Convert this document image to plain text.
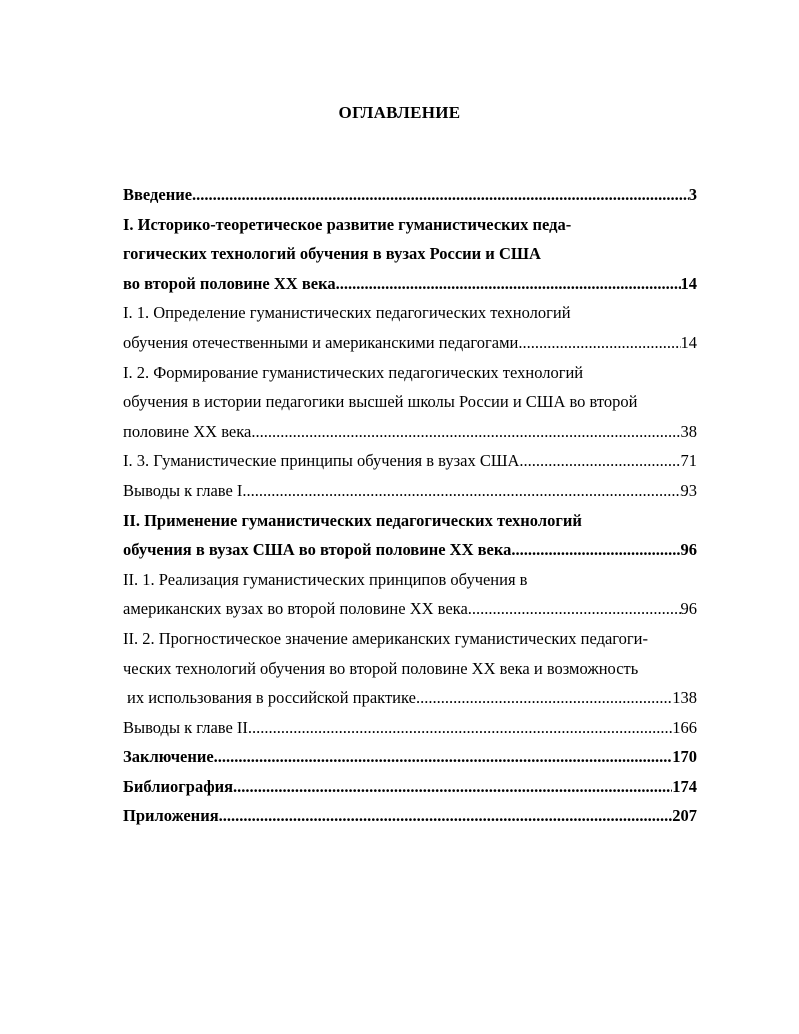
ОГЛАВЛЕНИЕ
Введение .....	3
I. Историко-теоретическое развитие гуманистических педа-
гогических технологий обучения в вузах России и США
во второй половине XX века .....	14
I. 1. Определение гуманистических педагогических технологий
обучения отечественными и американскими педагогами .....	14
I. 2. Формирование гуманистических педагогических технологий
обучения в истории педагогики высшей школы России и США во второй
половине XX века .....	38
I. 3. Гуманистические принципы обучения в вузах США .....	71
Выводы к главе I .....	93
II. Применение гуманистических педагогических технологий
обучения в вузах США во второй половине XX века .....	96
II. 1. Реализация гуманистических принципов обучения в
американских вузах во второй половине XX века .....	96
II. 2. Прогностическое значение американских гуманистических педагоги-
ческих технологий обучения во второй половине XX века и возможность
их использования в российской практике .....	138
Выводы к главе II .....	166
Заключение .....	170
Библиография .....	174
Приложения .....	207
